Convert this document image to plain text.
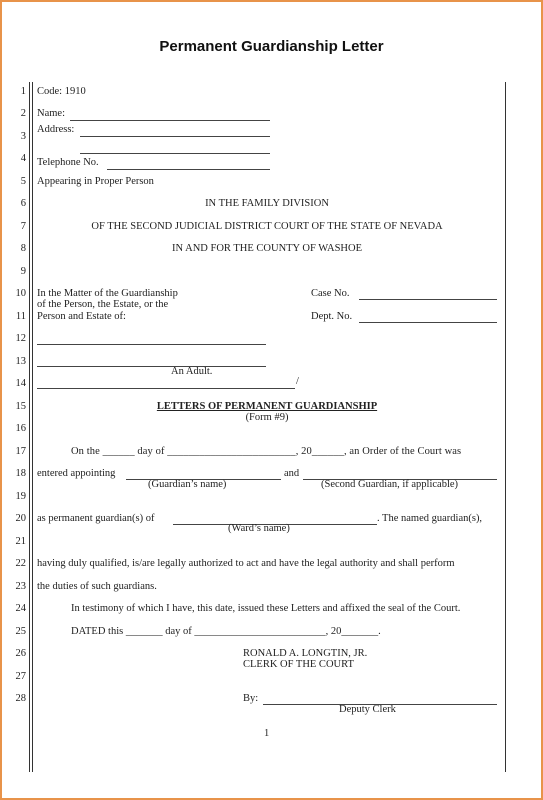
Permanent Guardianship Letter
1
2
3
4
5
6
7
8
9
10
11
12
13
14
15
16
17
18
19
20
21
22
23
24
25
26
27
28
Code: 1910
Name:
Address:
Telephone No.
Appearing in Proper Person
IN THE FAMILY DIVISION
OF THE SECOND JUDICIAL DISTRICT COURT OF THE STATE OF NEVADA
IN AND FOR THE COUNTY OF WASHOE
In the Matter of the Guardianship
of the Person, the Estate, or the
Person and Estate of:
Case No.
Dept. No.
An Adult.
/
LETTERS OF PERMANENT GUARDIANSHIP
(Form #9)
On the ______ day of ________________________, 20______, an Order of the Court was
entered appointing	and
(Guardian’s name)	(Second Guardian, if applicable)
as permanent guardian(s) of	. The named guardian(s),
(Ward’s name)
having duly qualified, is/are legally authorized to act and have the legal authority and shall perform
the duties of such guardians.
In testimony of which I have, this date, issued these Letters and affixed the seal of the Court.
DATED this _______ day of _________________________, 20_______.
RONALD A. LONGTIN, JR.
CLERK OF THE COURT
By:
Deputy Clerk
1
